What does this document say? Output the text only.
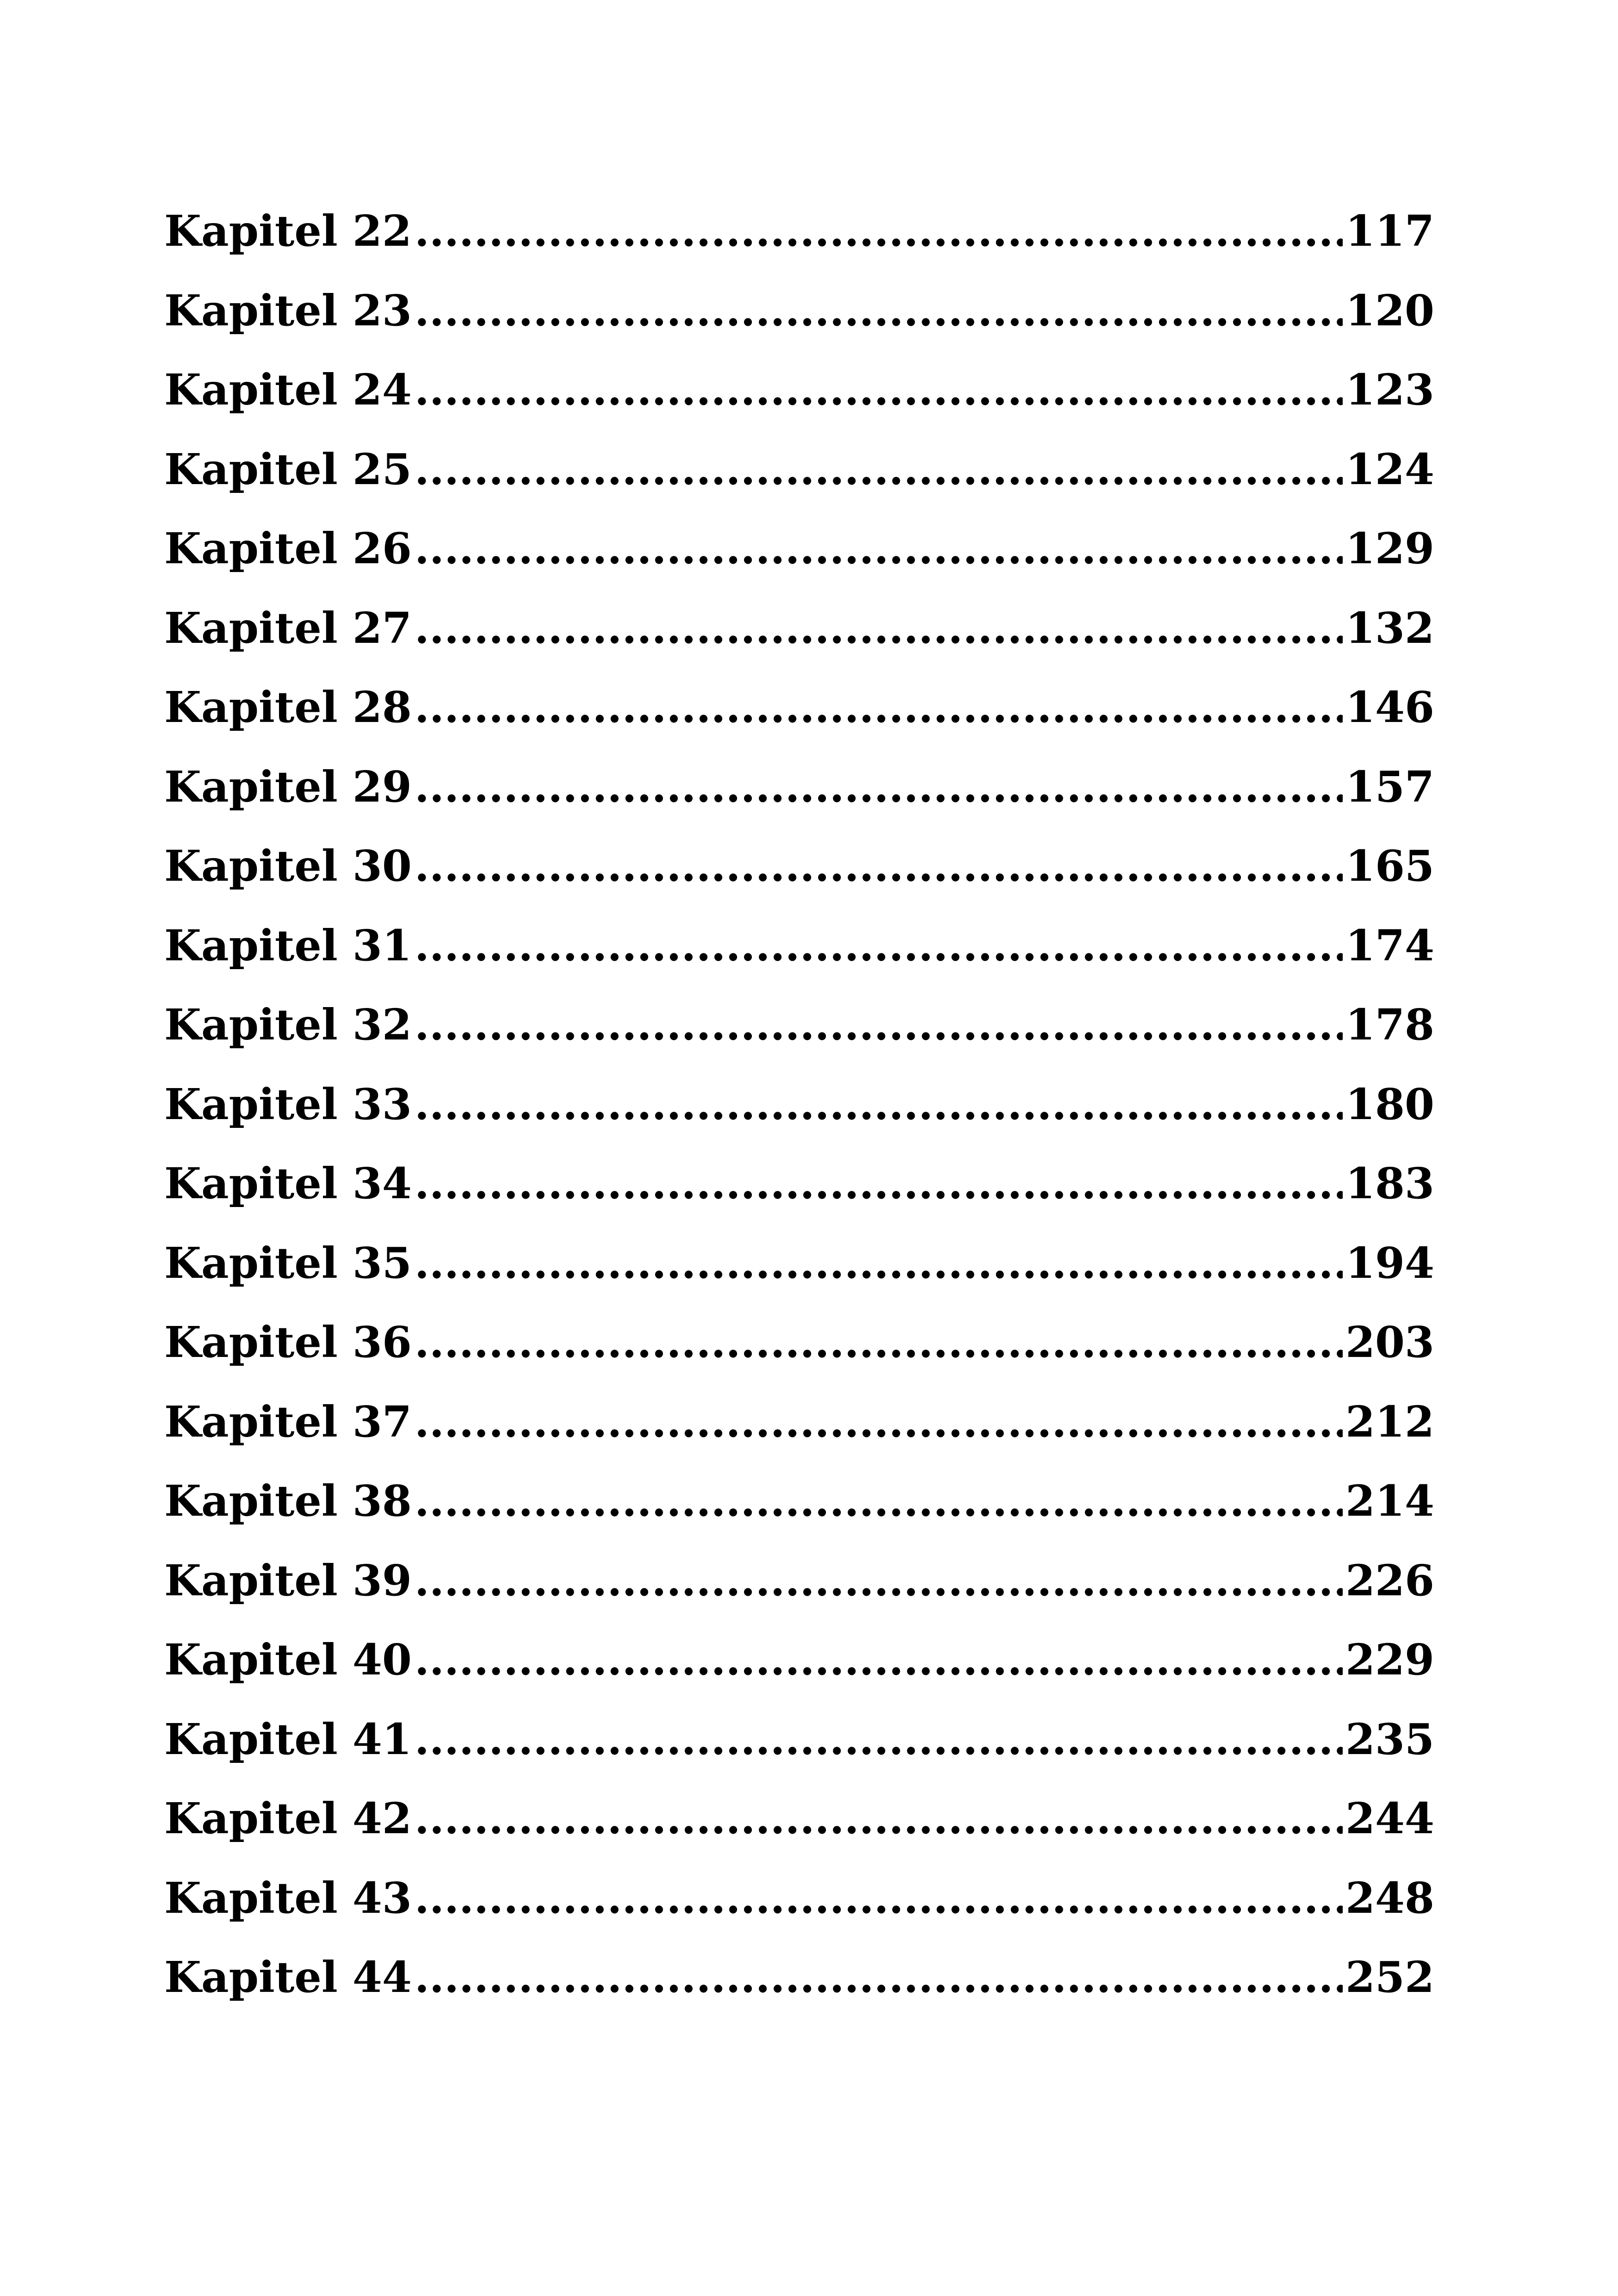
Kapitel 22 .....	117
Kapitel 23 .....	120
Kapitel 24 .....	123
Kapitel 25 .....	124
Kapitel 26 .....	129
Kapitel 27 .....	132
Kapitel 28 .....	146
Kapitel 29 .....	157
Kapitel 30 .....	165
Kapitel 31 .....	174
Kapitel 32 .....	178
Kapitel 33 .....	180
Kapitel 34 .....	183
Kapitel 35 .....	194
Kapitel 36 .....	203
Kapitel 37 .....	212
Kapitel 38 .....	214
Kapitel 39 .....	226
Kapitel 40 .....	229
Kapitel 41 .....	235
Kapitel 42 .....	244
Kapitel 43 .....	248
Kapitel 44 .....	252
